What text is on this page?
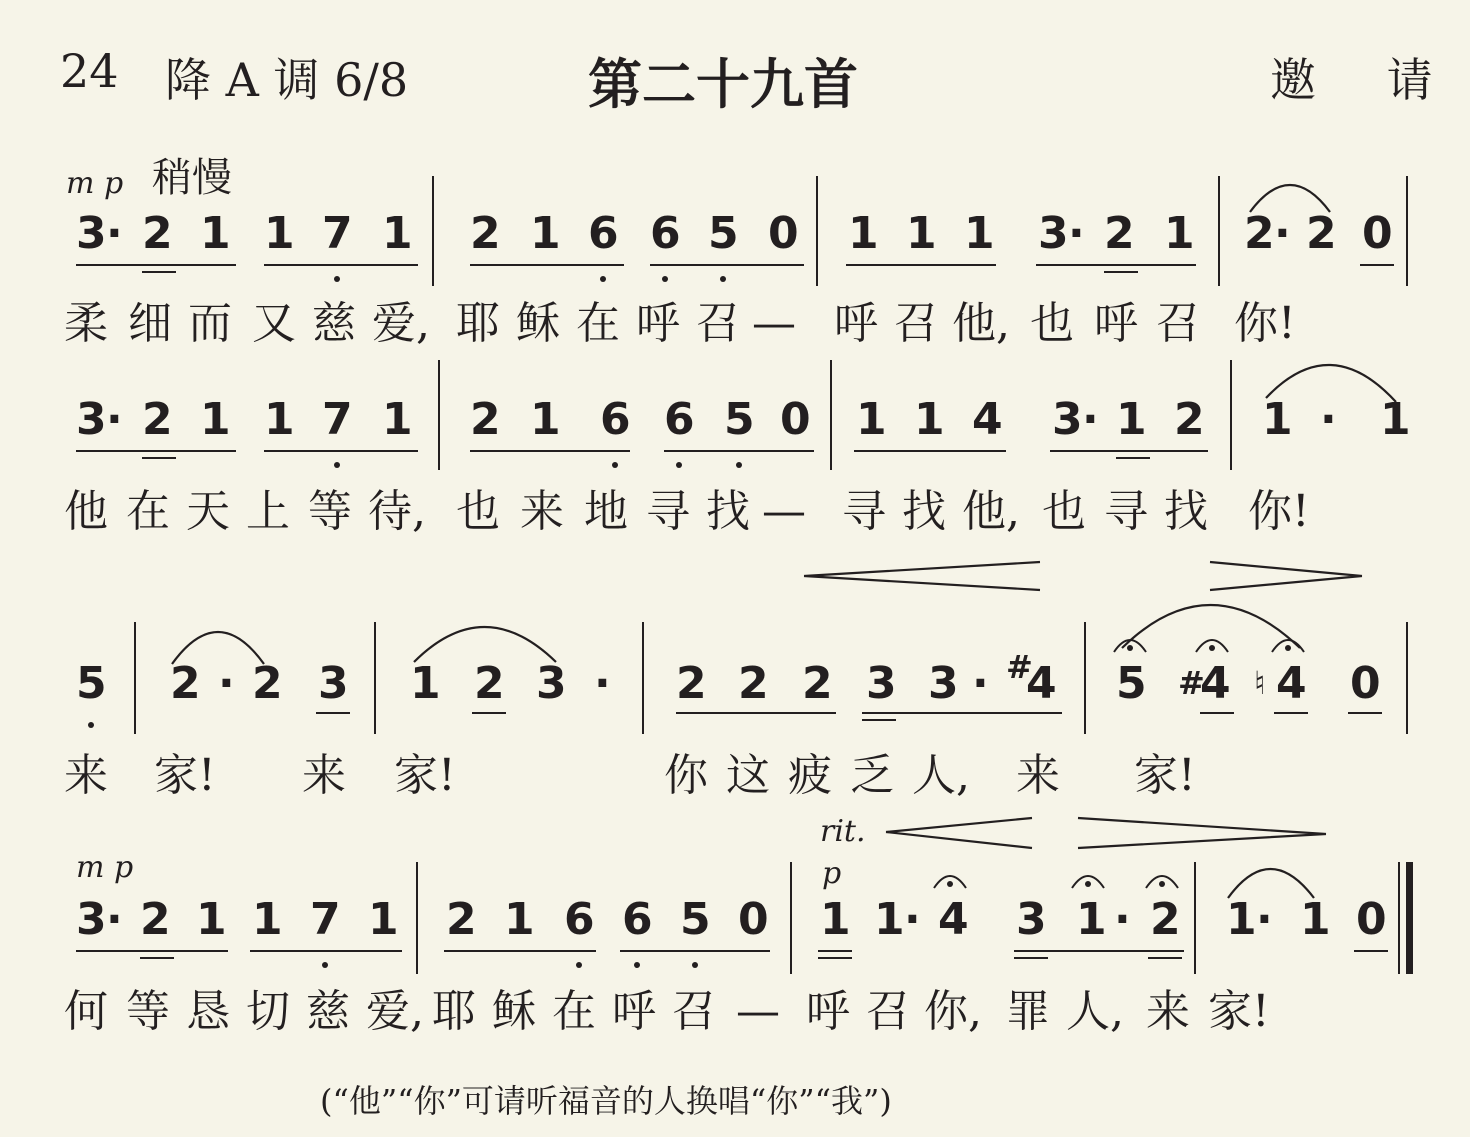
24 降 A 调 6/8	第二十九首	邀 请
m p 稍慢
m p
rit.
p
3 · 2 1 1 7 1 2 1 6 6 5 0 1 1 1 3 · 2 1 2 · 2 0
柔 细 而 又 慈 爱, 耶 稣 在 呼 召 — 呼 召 他, 也 呼 召 你!
3 · 2 1 1 7 1 2 1 6 6 5 0 1 1 4 3 · 1 2 1 · 1
他 在 天 上 等 待, 也 来 地 寻 找 — 寻 找 他, 也 寻 找 你!
5 2 · 2 3 1 2 3 · 2 2 2 3 3 · 4
# 5 4
# 4
♮ 0
来 家! 来 家!	你 这 疲 乏 人, 来 家!
3 · 2 1 1 7 1 2 1 6 6 5 0 1 1 · 4 3 1 · 2 1 · 1 0
何 等 恳 切 慈 爱, 耶 稣 在 呼 召 — 呼 召 你, 罪 人, 来 家!
(“他”“你”可请听福音的人换唱“你”“我”)
